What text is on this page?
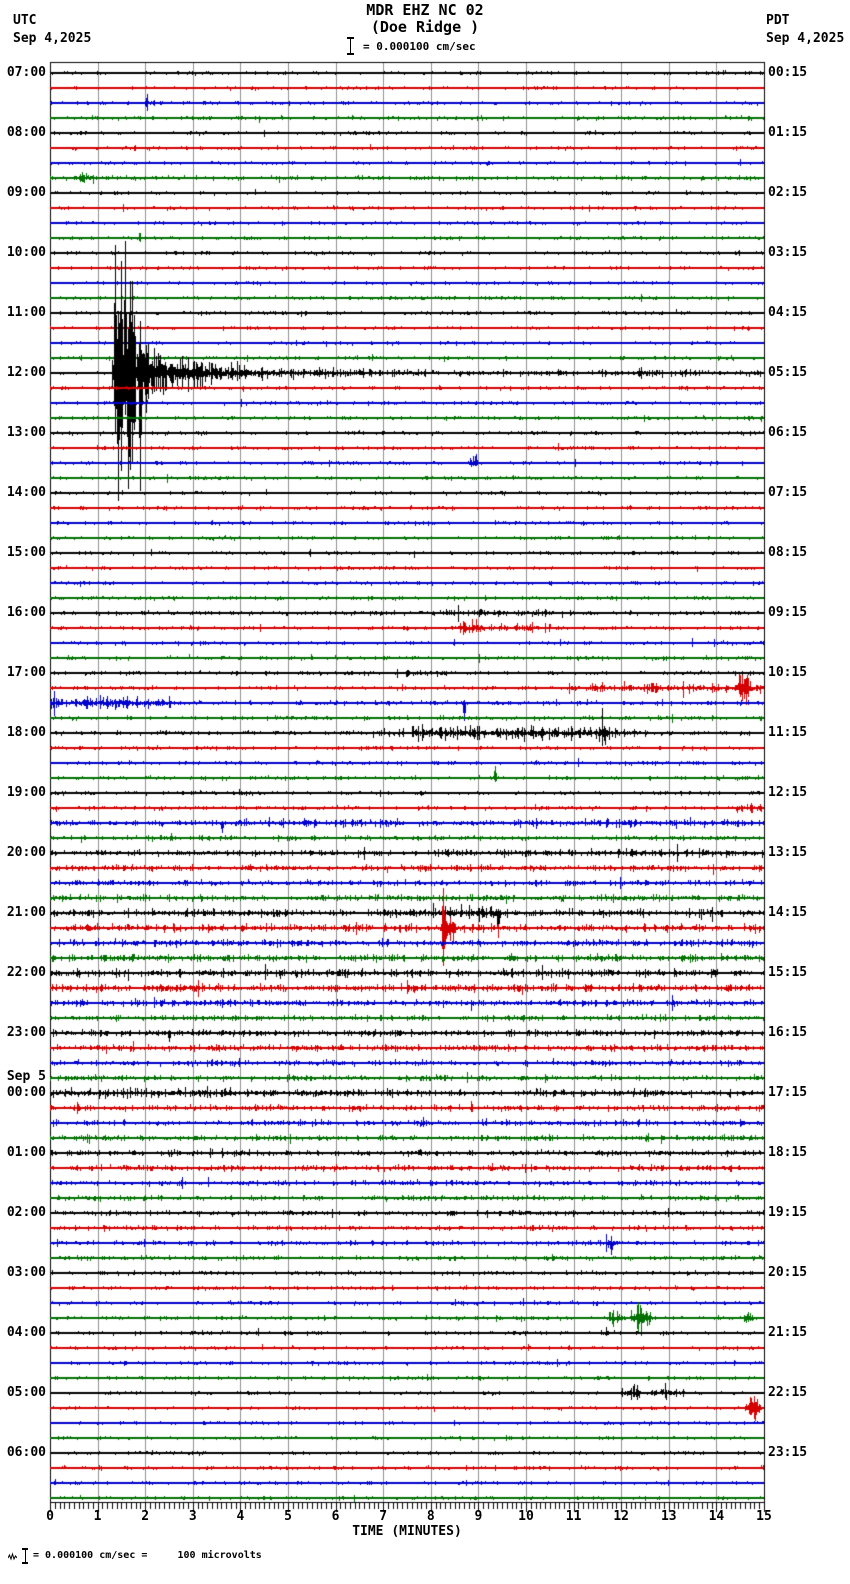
MDR EHZ NC 02
(Doe Ridge )
UTC
Sep 4,2025
PDT
Sep 4,2025
= 0.000100 cm/sec
07:00	00:15
08:00	01:15
09:00	02:15
10:00	03:15
11:00	04:15
12:00	05:15
13:00	06:15
14:00	07:15
15:00	08:15
16:00	09:15
17:00	10:15
18:00	11:15
19:00	12:15
20:00	13:15
21:00	14:15
22:00	15:15
23:00	16:15
00:00	17:15
Sep 5
01:00	18:15
02:00	19:15
03:00	20:15
04:00	21:15
05:00	22:15
06:00	23:15
0	1	2	3	4	5	6	7	8	9	10	11	12	13	14	15
TIME (MINUTES)
= 0.000100 cm/sec =     100 microvolts
